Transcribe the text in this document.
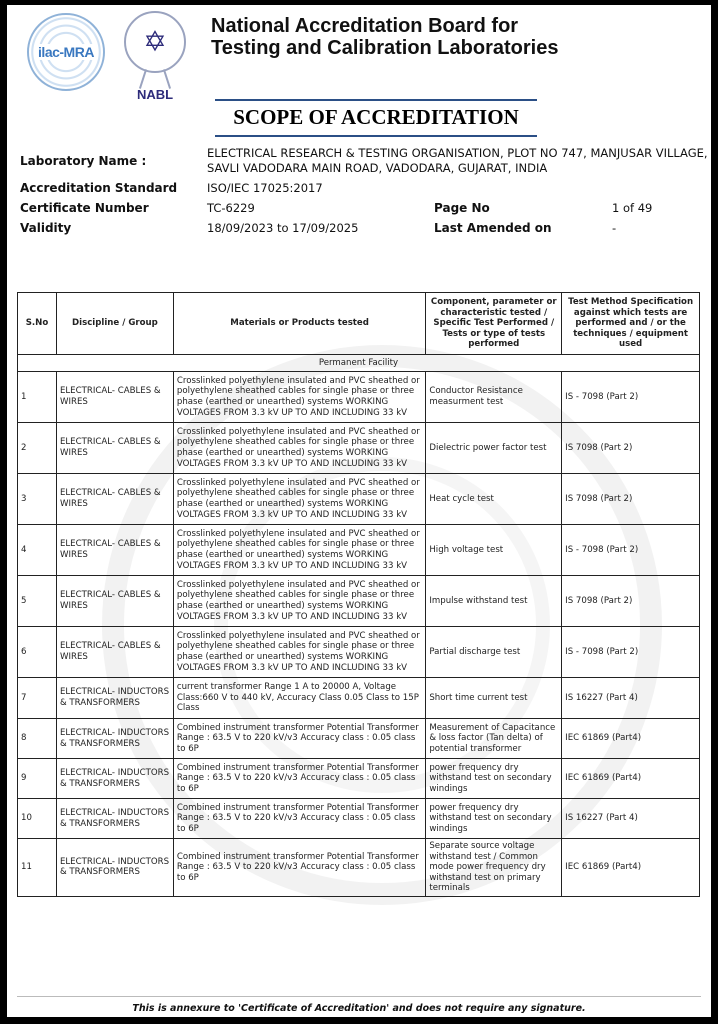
ilac-MRA ✡
NABL
National Accreditation Board for
Testing and Calibration Laboratories
SCOPE OF ACCREDITATION
Laboratory Name :
ELECTRICAL RESEARCH & TESTING ORGANISATION, PLOT NO 747, MANJUSAR VILLAGE,
SAVLI VADODARA MAIN ROAD, VADODARA, GUJARAT, INDIA
Accreditation Standard	ISO/IEC 17025:2017
Certificate Number	TC-6229	Page No	1 of 49
Validity	18/09/2023 to 17/09/2025	Last Amended on	-
S.No	Discipline / Group	Materials or Products tested	Component, parameter or characteristic tested / Specific Test Performed / Tests or type of tests performed	Test Method Specification against which tests are performed and / or the techniques / equipment used
Permanent Facility				
1	ELECTRICAL- CABLES & WIRES	Crosslinked polyethylene insulated and PVC sheathed or polyethylene sheathed cables for single phase or three phase (earthed or unearthed) systems WORKING VOLTAGES FROM 3.3 kV UP TO AND INCLUDING 33 kV	Conductor Resistance measurment test	IS - 7098 (Part 2)
2	ELECTRICAL- CABLES & WIRES	Crosslinked polyethylene insulated and PVC sheathed or polyethylene sheathed cables for single phase or three phase (earthed or unearthed) systems WORKING VOLTAGES FROM 3.3 kV UP TO AND INCLUDING 33 kV	Dielectric power factor test	IS 7098 (Part 2)
3	ELECTRICAL- CABLES & WIRES	Crosslinked polyethylene insulated and PVC sheathed or polyethylene sheathed cables for single phase or three phase (earthed or unearthed) systems WORKING VOLTAGES FROM 3.3 kV UP TO AND INCLUDING 33 kV	Heat cycle test	IS 7098 (Part 2)
4	ELECTRICAL- CABLES & WIRES	Crosslinked polyethylene insulated and PVC sheathed or polyethylene sheathed cables for single phase or three phase (earthed or unearthed) systems WORKING VOLTAGES FROM 3.3 kV UP TO AND INCLUDING 33 kV	High voltage test	IS - 7098 (Part 2)
5	ELECTRICAL- CABLES & WIRES	Crosslinked polyethylene insulated and PVC sheathed or polyethylene sheathed cables for single phase or three phase (earthed or unearthed) systems WORKING VOLTAGES FROM 3.3 kV UP TO AND INCLUDING 33 kV	Impulse withstand test	IS 7098 (Part 2)
6	ELECTRICAL- CABLES & WIRES	Crosslinked polyethylene insulated and PVC sheathed or polyethylene sheathed cables for single phase or three phase (earthed or unearthed) systems WORKING VOLTAGES FROM 3.3 kV UP TO AND INCLUDING 33 kV	Partial discharge test	IS - 7098 (Part 2)
7	ELECTRICAL- INDUCTORS & TRANSFORMERS	current transformer Range 1 A to 20000 A, Voltage Class:660 V to 440 kV, Accuracy Class 0.05 Class to 15P Class	Short time current test	IS 16227 (Part 4)
8	ELECTRICAL- INDUCTORS & TRANSFORMERS	Combined instrument transformer Potential Transformer Range : 63.5 V to 220 kV/v3 Accuracy class : 0.05 class to 6P	Measurement of Capacitance & loss factor (Tan delta) of potential transformer	IEC 61869 (Part4)
9	ELECTRICAL- INDUCTORS & TRANSFORMERS	Combined instrument transformer Potential Transformer Range : 63.5 V to 220 kV/v3 Accuracy class : 0.05 class to 6P	power frequency dry withstand test on secondary windings	IEC 61869 (Part4)
10	ELECTRICAL- INDUCTORS & TRANSFORMERS	Combined instrument transformer Potential Transformer Range : 63.5 V to 220 kV/v3 Accuracy class : 0.05 class to 6P	power frequency dry withstand test on secondary windings	IS 16227 (Part 4)
11	ELECTRICAL- INDUCTORS & TRANSFORMERS	Combined instrument transformer Potential Transformer Range : 63.5 V to 220 kV/v3 Accuracy class : 0.05 class to 6P	Separate source voltage withstand test / Common mode power frequency dry withstand test on primary terminals	IEC 61869 (Part4)
This is annexure to 'Certificate of Accreditation' and does not require any signature.
